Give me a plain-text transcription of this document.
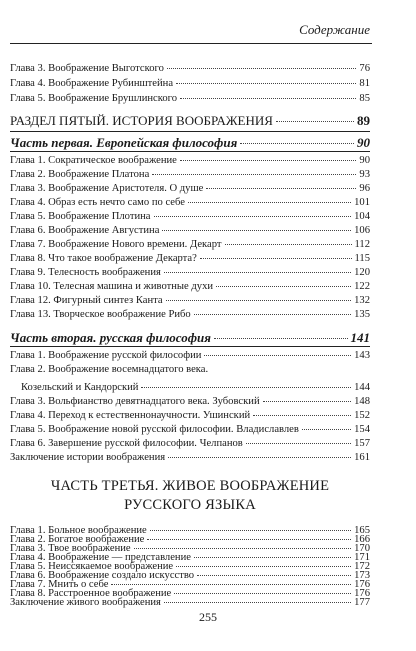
Содержание
Глава 3. Воображение Выготского	76
Глава 4. Воображение Рубинштейна	81
Глава 5. Воображение Брушлинского	85
РАЗДЕЛ ПЯТЫЙ. ИСТОРИЯ ВООБРАЖЕНИЯ	89
Часть первая. Европейская философия	90
Глава 1. Сократическое воображение	90
Глава 2. Воображение Платона	93
Глава 3. Воображение Аристотеля. О душе	96
Глава 4. Образ есть нечто само по себе	101
Глава 5. Воображение Плотина	104
Глава 6. Воображение Августина	106
Глава 7. Воображение Нового времени. Декарт	112
Глава 8. Что такое воображение Декарта?	115
Глава 9. Телесность воображения	120
Глава 10. Телесная машина и животные духи	122
Глава 12. Фигурный синтез Канта	132
Глава 13. Творческое воображение Рибо	135
Часть вторая. русская философия	141
Глава 1. Воображение русской философии	143
Глава 2. Воображение восемнадцатого века.
Козельский и Кандорский	144
Глава 3. Вольфианство девятнадцатого века. Зубовский	148
Глава 4. Переход к естественнонаучности. Ушинский	152
Глава 5. Воображение новой русской философии. Владиславлев	154
Глава 6. Завершение русской философии. Челпанов	157
Заключение истории воображения	161
ЧАСТЬ ТРЕТЬЯ. ЖИВОЕ ВООБРАЖЕНИЕ
РУССКОГО ЯЗЫКА
Глава 1. Больное воображение	165
Глава 2. Богатое воображение	166
Глава 3. Твое воображение	170
Глава 4. Воображение — представление	171
Глава 5. Неиссякаемое воображение	172
Глава 6. Воображение создало искусство	173
Глава 7. Мнить о себе	176
Глава 8. Расстроенное воображение	176
Заключение живого воображения	177
255
